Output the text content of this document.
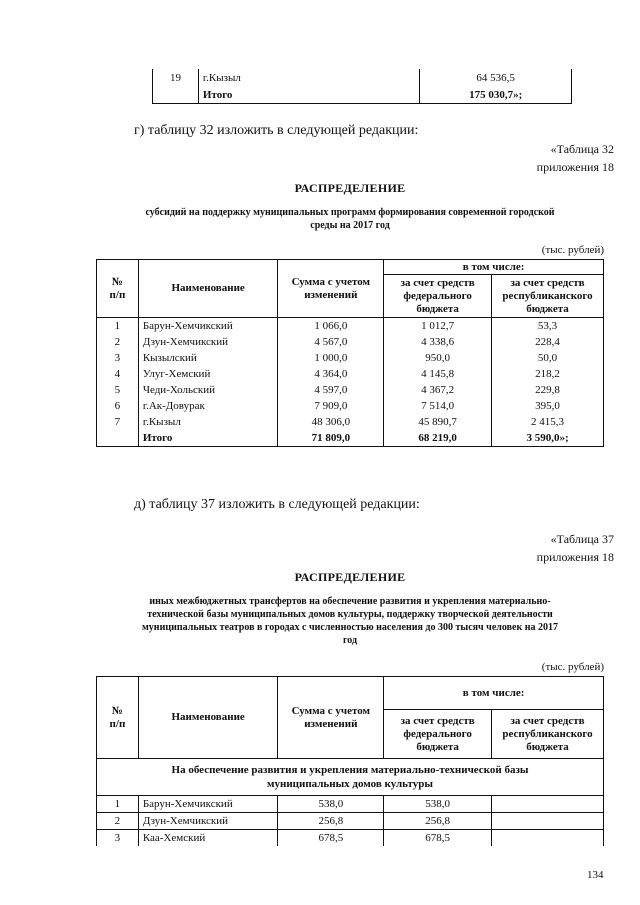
19	г.Кызыл	64 536,5
	Итого	175 030,7»;
г) таблицу 32 изложить в следующей редакции:
«Таблица 32
приложения 18
РАСПРЕДЕЛЕНИЕ
субсидий на поддержку муниципальных программ формирования современной городской
среды на 2017 год
(тыс. рублей)
№
п/п	Наименование	Сумма с учетом изменений	в том числе:	
			за счет средств федерального бюджета	за счет средств республиканского бюджета
1	Барун-Хемчикский	1 066,0	1 012,7	53,3
2	Дзун-Хемчикский	4 567,0	4 338,6	228,4
3	Кызылский	1 000,0	950,0	50,0
4	Улуг-Хемский	4 364,0	4 145,8	218,2
5	Чеди-Хольский	4 597,0	4 367,2	229,8
6	г.Ак-Довурак	7 909,0	7 514,0	395,0
7	г.Кызыл	48 306,0	45 890,7	2 415,3
	Итого	71 809,0	68 219,0	3 590,0»;
д) таблицу 37 изложить в следующей редакции:
«Таблица 37
приложения 18
РАСПРЕДЕЛЕНИЕ
иных межбюджетных трансфертов на обеспечение развития и укрепления материально-
технической базы муниципальных домов культуры, поддержку творческой деятельности
муниципальных театров в городах с численностью населения до 300 тысяч человек на 2017
год
(тыс. рублей)
№
п/п	Наименование	Сумма с учетом изменений	в том числе:	
			за счет средств федерального бюджета	за счет средств республиканского бюджета
На обеспечение развития и укрепления материально-технической базы муниципальных домов культуры				
1	Барун-Хемчикский	538,0	538,0	
2	Дзун-Хемчикский	256,8	256,8	
3	Каа-Хемский	678,5	678,5	
134
